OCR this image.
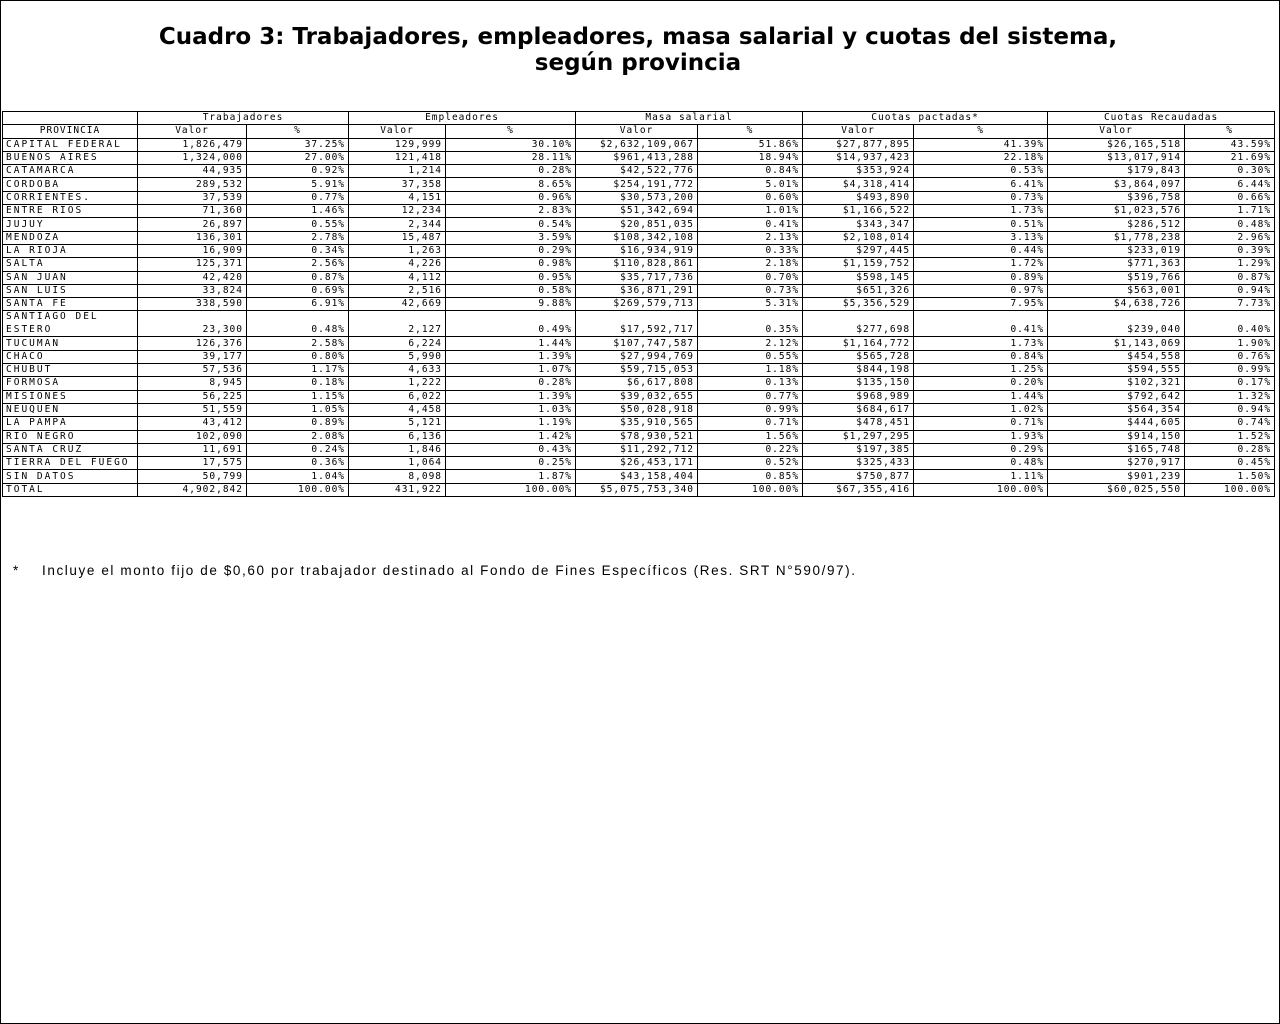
Cuadro 3: Trabajadores, empleadores, masa salarial y cuotas del sistema,
según provincia
	Trabajadores		Empleadores		Masa salarial		Cuotas pactadas*		Cuotas Recaudadas	
PROVINCIA	Valor	%	Valor	%	Valor	%	Valor	%	Valor	%
CAPITAL FEDERAL	1,826,479	37.25%	129,999	30.10%	$2,632,109,067	51.86%	$27,877,895	41.39%	$26,165,518	43.59%
BUENOS AIRES	1,324,000	27.00%	121,418	28.11%	$961,413,288	18.94%	$14,937,423	22.18%	$13,017,914	21.69%
CATAMARCA	44,935	0.92%	1,214	0.28%	$42,522,776	0.84%	$353,924	0.53%	$179,843	0.30%
CORDOBA	289,532	5.91%	37,358	8.65%	$254,191,772	5.01%	$4,318,414	6.41%	$3,864,097	6.44%
CORRIENTES.	37,539	0.77%	4,151	0.96%	$30,573,200	0.60%	$493,890	0.73%	$396,758	0.66%
ENTRE RIOS	71,360	1.46%	12,234	2.83%	$51,342,694	1.01%	$1,166,522	1.73%	$1,023,576	1.71%
JUJUY	26,897	0.55%	2,344	0.54%	$20,851,035	0.41%	$343,347	0.51%	$286,512	0.48%
MENDOZA	136,301	2.78%	15,487	3.59%	$108,342,108	2.13%	$2,108,014	3.13%	$1,778,238	2.96%
LA RIOJA	16,909	0.34%	1,263	0.29%	$16,934,919	0.33%	$297,445	0.44%	$233,019	0.39%
SALTA	125,371	2.56%	4,226	0.98%	$110,828,861	2.18%	$1,159,752	1.72%	$771,363	1.29%
SAN JUAN	42,420	0.87%	4,112	0.95%	$35,717,736	0.70%	$598,145	0.89%	$519,766	0.87%
SAN LUIS	33,824	0.69%	2,516	0.58%	$36,871,291	0.73%	$651,326	0.97%	$563,001	0.94%
SANTA FE	338,590	6.91%	42,669	9.88%	$269,579,713	5.31%	$5,356,529	7.95%	$4,638,726	7.73%

SANTIAGO DEL
ESTERO	23,300	0.48%	2,127	0.49%	$17,592,717	0.35%	$277,698	0.41%	$239,040	0.40%
TUCUMAN	126,376	2.58%	6,224	1.44%	$107,747,587	2.12%	$1,164,772	1.73%	$1,143,069	1.90%
CHACO	39,177	0.80%	5,990	1.39%	$27,994,769	0.55%	$565,728	0.84%	$454,558	0.76%
CHUBUT	57,536	1.17%	4,633	1.07%	$59,715,053	1.18%	$844,198	1.25%	$594,555	0.99%
FORMOSA	8,945	0.18%	1,222	0.28%	$6,617,808	0.13%	$135,150	0.20%	$102,321	0.17%
MISIONES	56,225	1.15%	6,022	1.39%	$39,032,655	0.77%	$968,989	1.44%	$792,642	1.32%
NEUQUEN	51,559	1.05%	4,458	1.03%	$50,028,918	0.99%	$684,617	1.02%	$564,354	0.94%
LA PAMPA	43,412	0.89%	5,121	1.19%	$35,910,565	0.71%	$478,451	0.71%	$444,605	0.74%
RIO NEGRO	102,090	2.08%	6,136	1.42%	$78,930,521	1.56%	$1,297,295	1.93%	$914,150	1.52%
SANTA CRUZ	11,691	0.24%	1,846	0.43%	$11,292,712	0.22%	$197,385	0.29%	$165,748	0.28%
TIERRA DEL FUEGO	17,575	0.36%	1,064	0.25%	$26,453,171	0.52%	$325,433	0.48%	$270,917	0.45%
SIN DATOS	50,799	1.04%	8,098	1.87%	$43,158,404	0.85%	$750,877	1.11%	$901,239	1.50%
TOTAL	4,902,842	100.00%	431,922	100.00%	$5,075,753,340	100.00%	$67,355,416	100.00%	$60,025,550	100.00%
* Incluye el monto fijo de $0,60 por trabajador destinado al Fondo de Fines Específicos (Res. SRT N°590/97).
